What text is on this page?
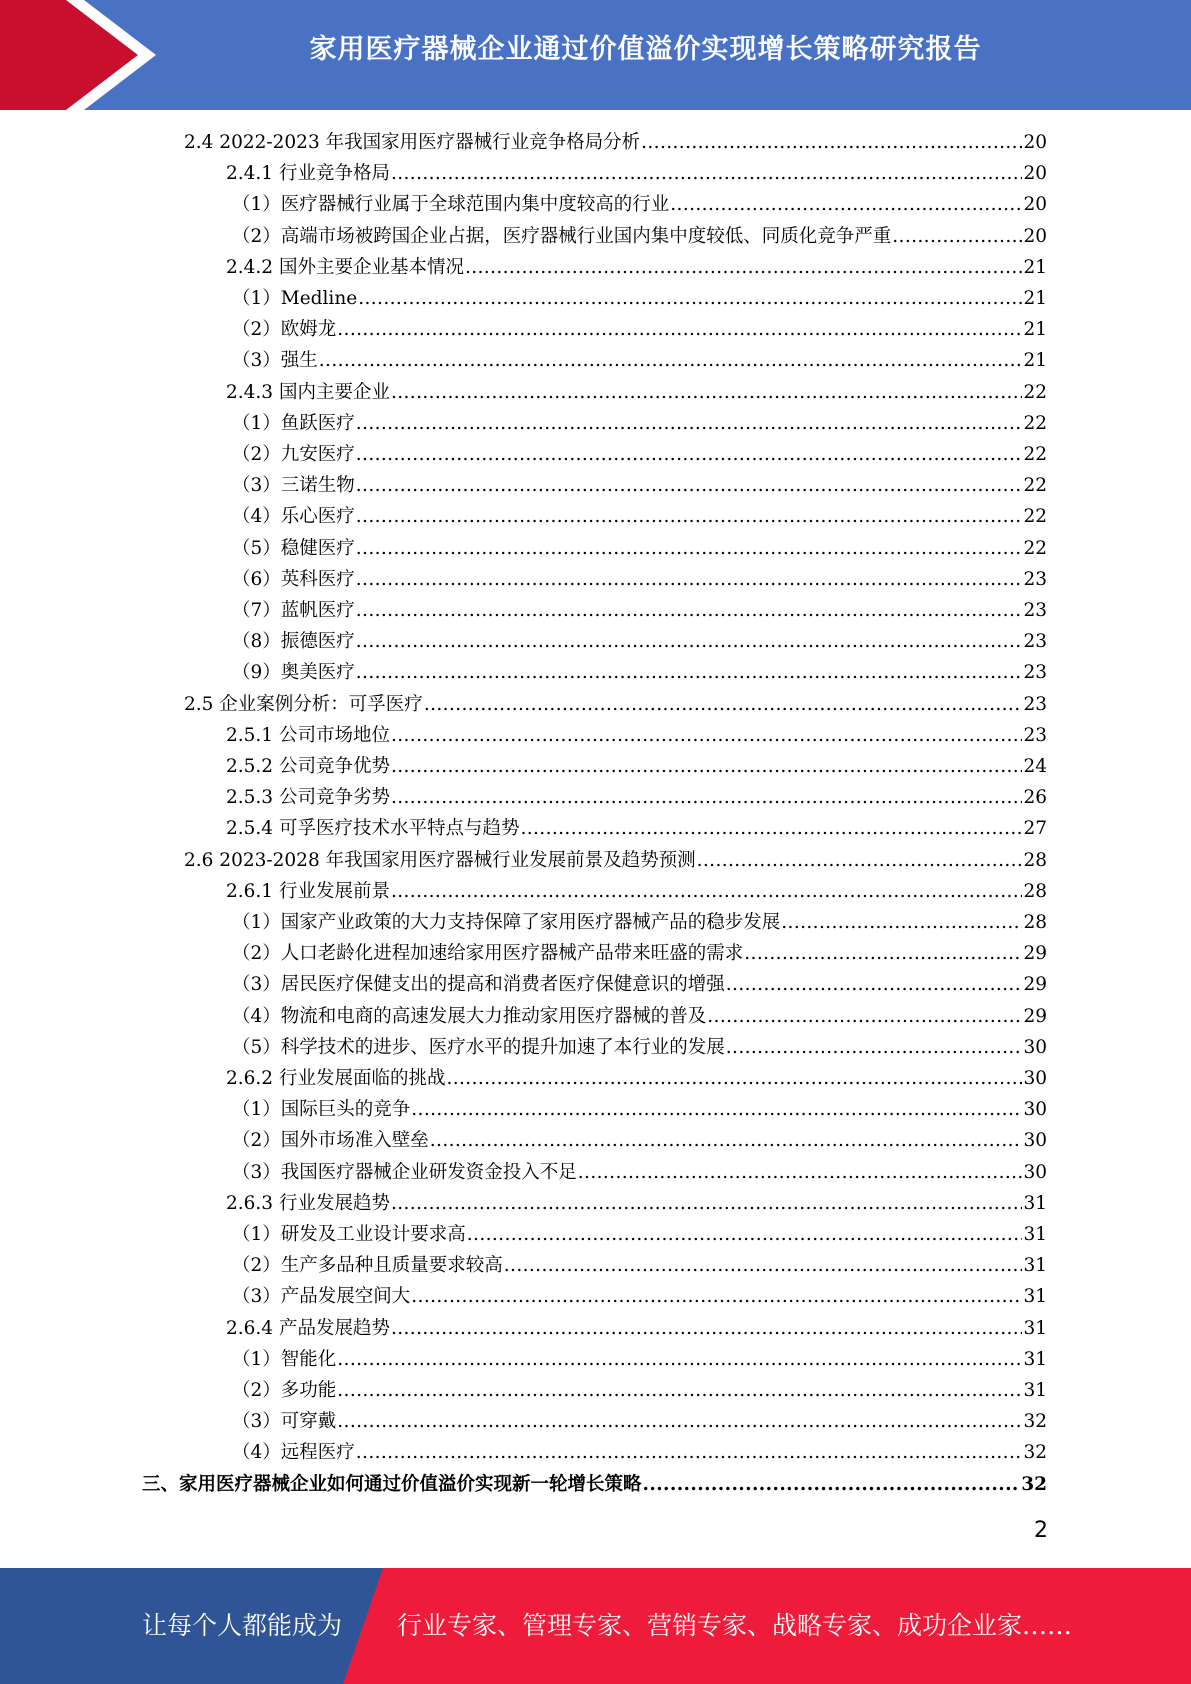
家用医疗器械企业通过价值溢价实现增长策略研究报告
2.4 2022-2023 年我国家用医疗器械行业竞争格局分析 .....	20
2.4.1 行业竞争格局 .....	20
（1）医疗器械行业属于全球范围内集中度较高的行业 .....	20
（2）高端市场被跨国企业占据，医疗器械行业国内集中度较低、同质化竞争严重 .....	20
2.4.2 国外主要企业基本情况 .....	21
（1）Medline .....	21
（2）欧姆龙 .....	21
（3）强生 .....	21
2.4.3 国内主要企业 .....	22
（1）鱼跃医疗 .....	22
（2）九安医疗 .....	22
（3）三诺生物 .....	22
（4）乐心医疗 .....	22
（5）稳健医疗 .....	22
（6）英科医疗 .....	23
（7）蓝帆医疗 .....	23
（8）振德医疗 .....	23
（9）奥美医疗 .....	23
2.5 企业案例分析：可孚医疗 .....	23
2.5.1 公司市场地位 .....	23
2.5.2 公司竞争优势 .....	24
2.5.3 公司竞争劣势 .....	26
2.5.4 可孚医疗技术水平特点与趋势 .....	27
2.6 2023-2028 年我国家用医疗器械行业发展前景及趋势预测 .....	28
2.6.1 行业发展前景 .....	28
（1）国家产业政策的大力支持保障了家用医疗器械产品的稳步发展 .....	28
（2）人口老龄化进程加速给家用医疗器械产品带来旺盛的需求 .....	29
（3）居民医疗保健支出的提高和消费者医疗保健意识的增强 .....	29
（4）物流和电商的高速发展大力推动家用医疗器械的普及 .....	29
（5）科学技术的进步、医疗水平的提升加速了本行业的发展 .....	30
2.6.2 行业发展面临的挑战 .....	30
（1）国际巨头的竞争 .....	30
（2）国外市场准入壁垒 .....	30
（3）我国医疗器械企业研发资金投入不足 .....	30
2.6.3 行业发展趋势 .....	31
（1）研发及工业设计要求高 .....	31
（2）生产多品种且质量要求较高 .....	31
（3）产品发展空间大 .....	31
2.6.4 产品发展趋势 .....	31
（1）智能化 .....	31
（2）多功能 .....	31
（3）可穿戴 .....	32
（4）远程医疗 .....	32
三、家用医疗器械企业如何通过价值溢价实现新一轮增长策略 .....	32
2
让每个人都能成为 行业专家、管理专家、营销专家、战略专家、成功企业家……
